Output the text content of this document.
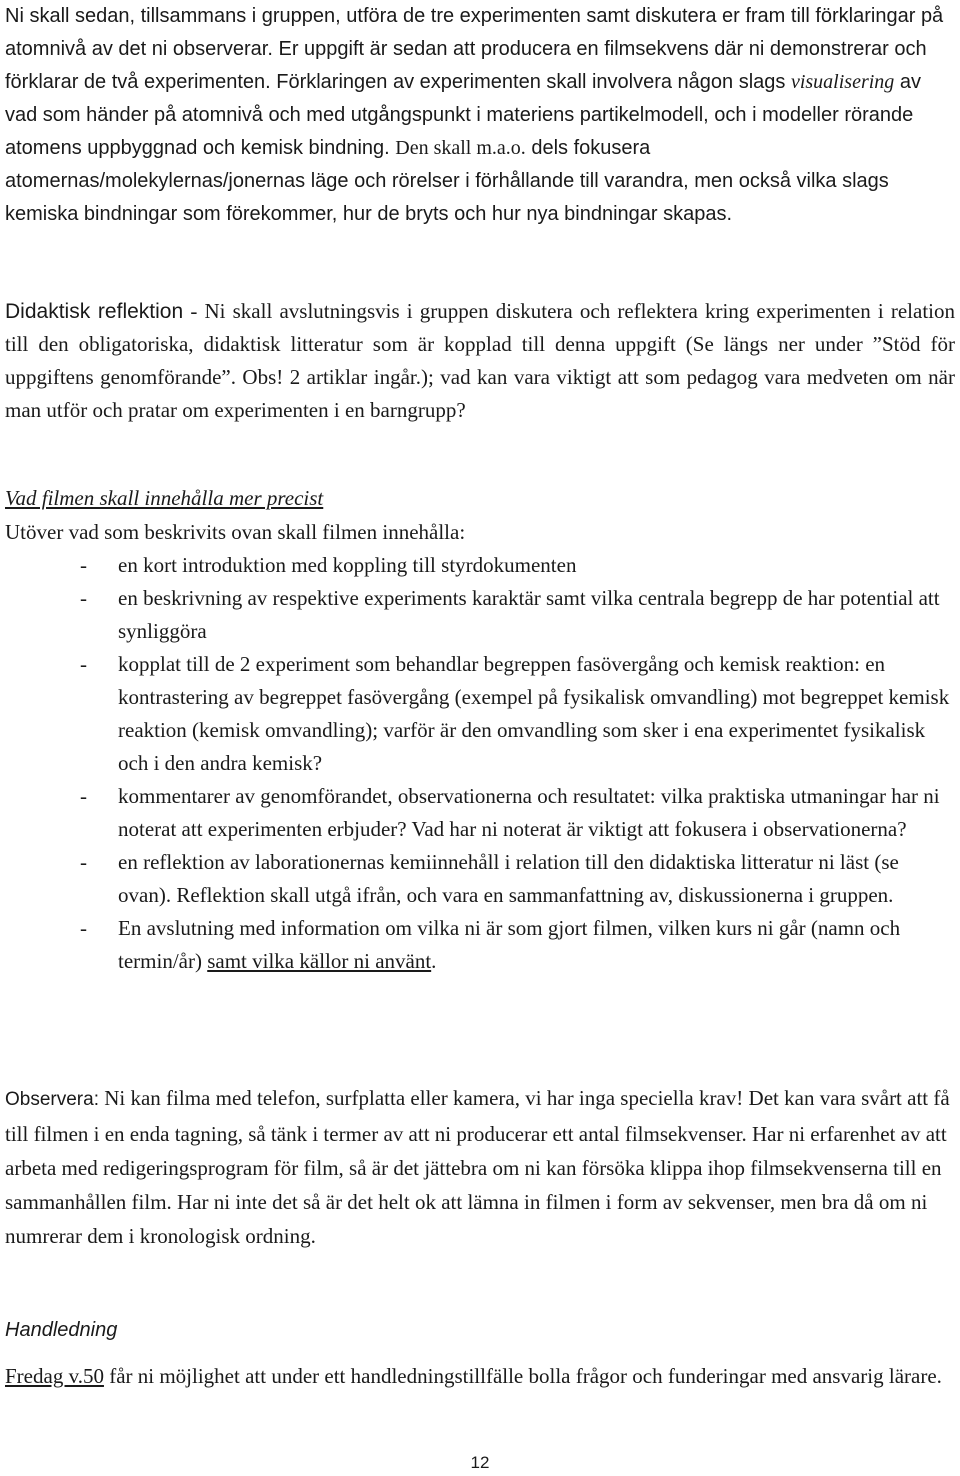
Ni skall sedan, tillsammans i gruppen, utföra de tre experimenten samt diskutera er fram till förklaringar på atomnivå av det ni observerar. Er uppgift är sedan att producera en filmsekvens där ni demonstrerar och förklarar de två experimenten. Förklaringen av experimenten skall involvera någon slags visualisering av vad som händer på atomnivå och med utgångspunkt i materiens partikelmodell, och i modeller rörande atomens uppbyggnad och kemisk bindning. Den skall m.a.o. dels fokusera atomernas/molekylernas/jonernas läge och rörelser i förhållande till varandra, men också vilka slags kemiska bindningar som förekommer, hur de bryts och hur nya bindningar skapas.

Didaktisk reflektion - Ni skall avslutningsvis i gruppen diskutera och reflektera kring experimenten i relation till den obligatoriska, didaktisk litteratur som är kopplad till denna uppgift (Se längs ner under ”Stöd för uppgiftens genomförande”. Obs! 2 artiklar ingår.); vad kan vara viktigt att som pedagog vara medveten om när man utför och pratar om experimenten i en barngrupp?

Vad filmen skall innehålla mer precist
Utöver vad som beskrivits ovan skall filmen innehålla:
- en kort introduktion med koppling till styrdokumenten
- en beskrivning av respektive experiments karaktär samt vilka centrala begrepp de har potential att synliggöra
- kopplat till de 2 experiment som behandlar begreppen fasövergång och kemisk reaktion: en kontrastering av begreppet fasövergång (exempel på fysikalisk omvandling) mot begreppet kemisk reaktion (kemisk omvandling); varför är den omvandling som sker i ena experimentet fysikalisk och i den andra kemisk?
- kommentarer av genomförandet, observationerna och resultatet: vilka praktiska utmaningar har ni noterat att experimenten erbjuder? Vad har ni noterat är viktigt att fokusera i observationerna?
- en reflektion av laborationernas kemiinnehåll i relation till den didaktiska litteratur ni läst (se ovan). Reflektion skall utgå ifrån, och vara en sammanfattning av, diskussionerna i gruppen.
- En avslutning med information om vilka ni är som gjort filmen, vilken kurs ni går (namn och termin/år) samt vilka källor ni använt.

Observera: Ni kan filma med telefon, surfplatta eller kamera, vi har inga speciella krav! Det kan vara svårt att få till filmen i en enda tagning, så tänk i termer av att ni producerar ett antal filmsekvenser. Har ni erfarenhet av att arbeta med redigeringsprogram för film, så är det jättebra om ni kan försöka klippa ihop filmsekvenserna till en sammanhållen film. Har ni inte det så är det helt ok att lämna in filmen i form av sekvenser, men bra då om ni numrerar dem i kronologisk ordning.

Handledning

Fredag v.50 får ni möjlighet att under ett handledningstillfälle bolla frågor och funderingar med ansvarig lärare.

12
